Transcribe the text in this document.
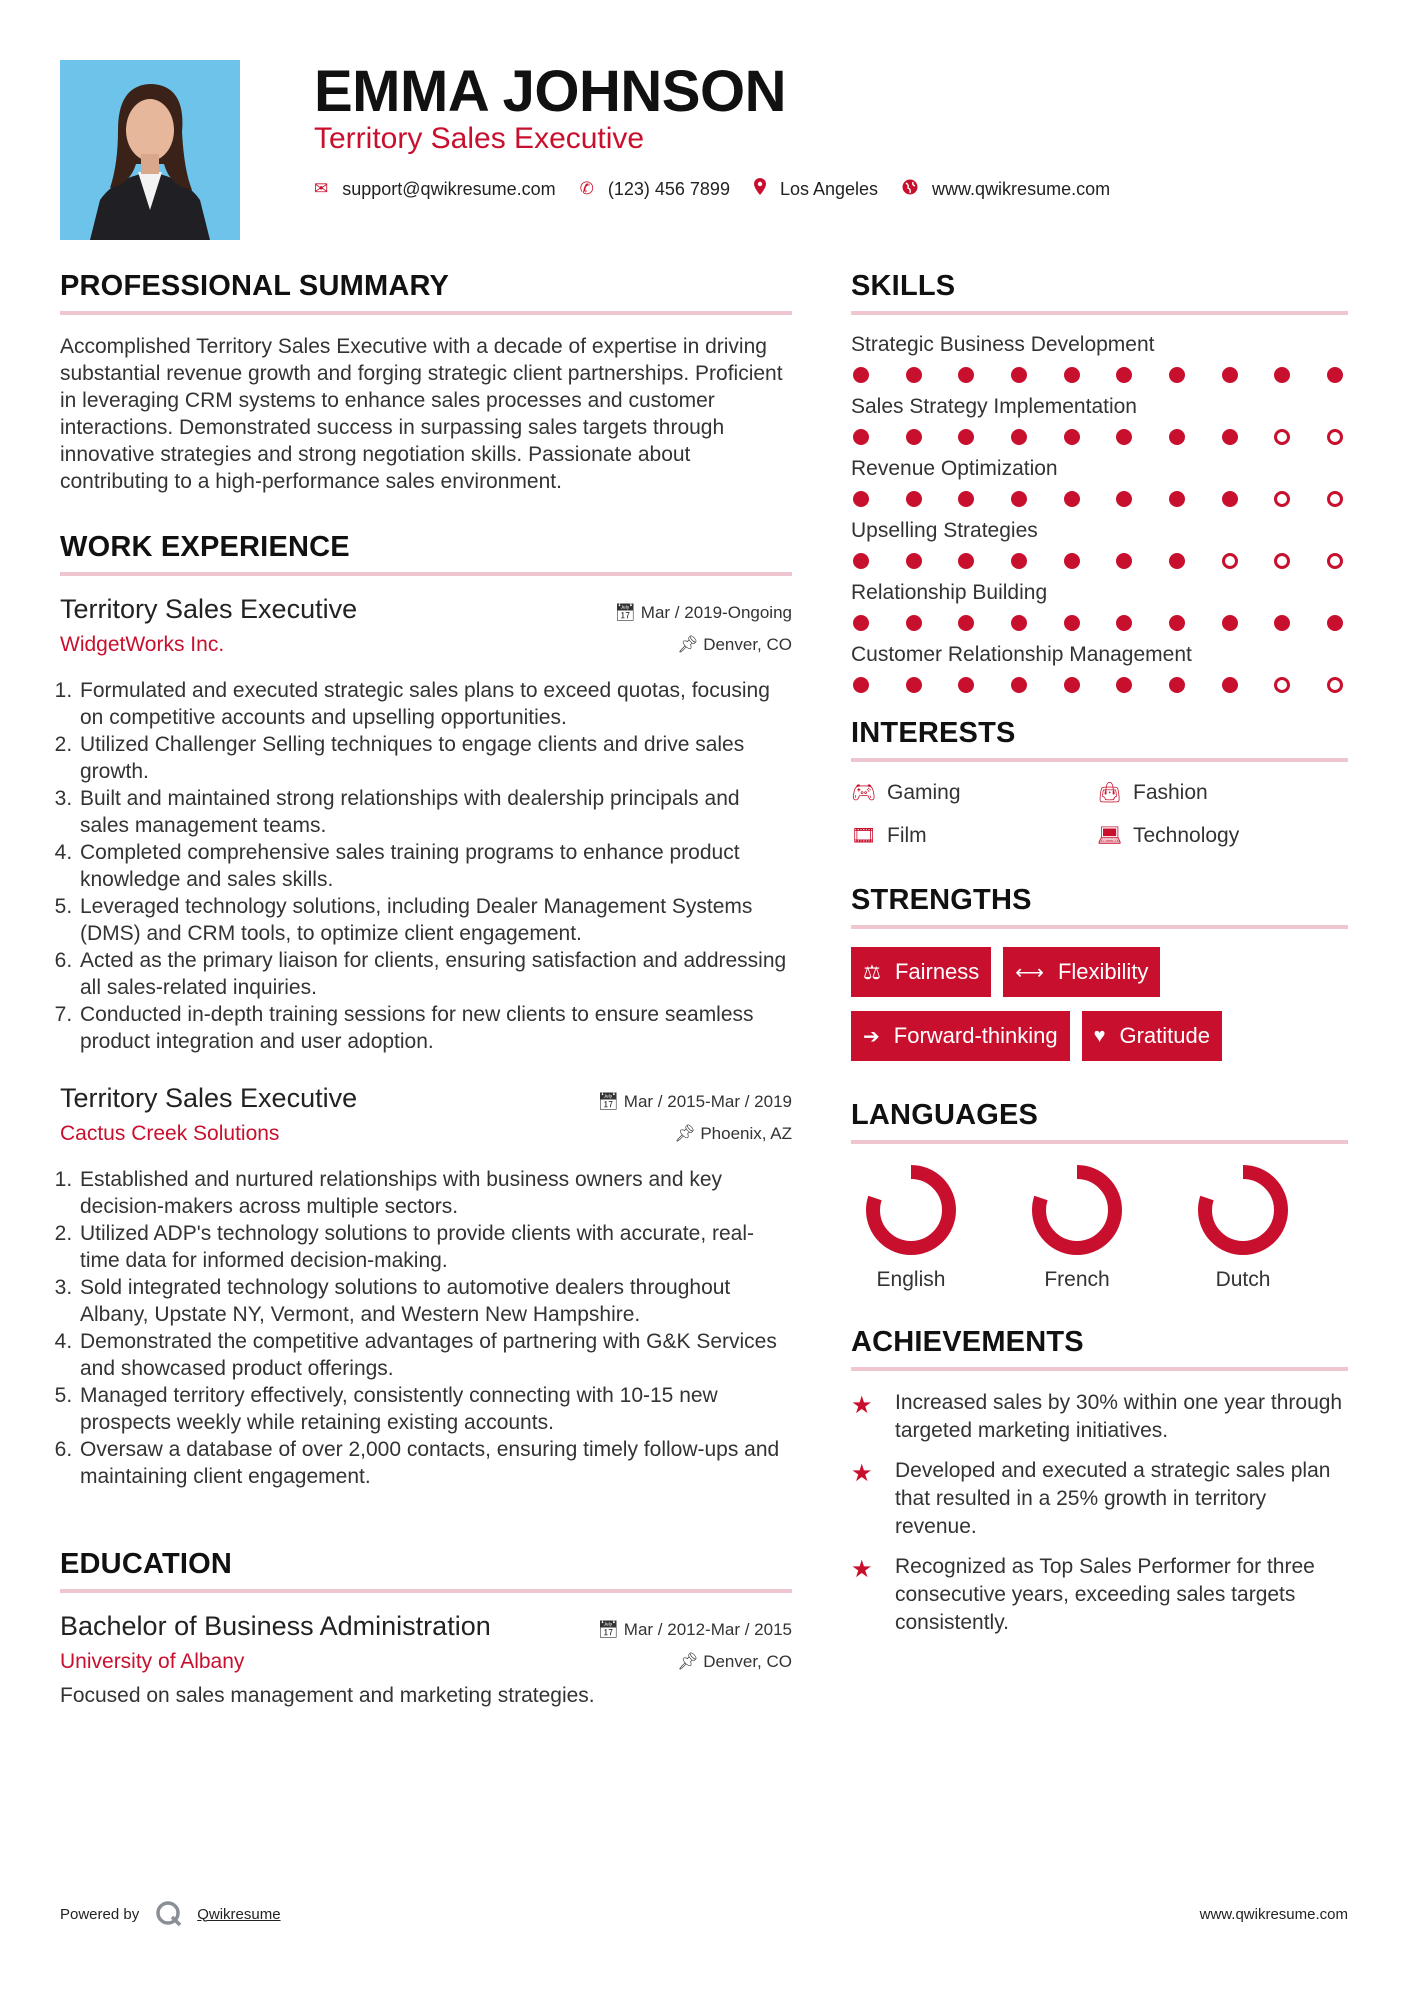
EMMA JOHNSON
Territory Sales Executive
✉ support@qwikresume.com ✆ (123) 456 7899	Los Angeles	www.qwikresume.com
PROFESSIONAL SUMMARY

Accomplished Territory Sales Executive with a decade of expertise in driving substantial revenue growth and forging strategic client partnerships. Proficient in leveraging CRM systems to enhance sales processes and customer interactions. Demonstrated success in surpassing sales targets through innovative strategies and strong negotiation skills. Passionate about contributing to a high-performance sales environment.

WORK EXPERIENCE
Territory Sales Executive	📅︎ Mar / 2019-Ongoing
WidgetWorks Inc.	📌︎ Denver, CO
1. Formulated and executed strategic sales plans to exceed quotas, focusing on competitive accounts and upselling opportunities.
2. Utilized Challenger Selling techniques to engage clients and drive sales growth.
3. Built and maintained strong relationships with dealership principals and sales management teams.
4. Completed comprehensive sales training programs to enhance product knowledge and sales skills.
5. Leveraged technology solutions, including Dealer Management Systems (DMS) and CRM tools, to optimize client engagement.
6. Acted as the primary liaison for clients, ensuring satisfaction and addressing all sales-related inquiries.
7. Conducted in-depth training sessions for new clients to ensure seamless product integration and user adoption.
Territory Sales Executive	📅︎ Mar / 2015-Mar / 2019
Cactus Creek Solutions	📌︎ Phoenix, AZ
1. Established and nurtured relationships with business owners and key decision-makers across multiple sectors.
2. Utilized ADP's technology solutions to provide clients with accurate, real-time data for informed decision-making.
3. Sold integrated technology solutions to automotive dealers throughout Albany, Upstate NY, Vermont, and Western New Hampshire.
4. Demonstrated the competitive advantages of partnering with G&K Services and showcased product offerings.
5. Managed territory effectively, consistently connecting with 10-15 new prospects weekly while retaining existing accounts.
6. Oversaw a database of over 2,000 contacts, ensuring timely follow-ups and maintaining client engagement.
EDUCATION
Bachelor of Business Administration	📅︎ Mar / 2012-Mar / 2015
University of Albany	📌︎ Denver, CO
Focused on sales management and marketing strategies.
SKILLS
Strategic Business Development
Sales Strategy Implementation
Revenue Optimization
Upselling Strategies
Relationship Building
Customer Relationship Management
INTERESTS
🎮︎ Gaming	👜︎ Fashion
🎞︎ Film	💻︎ Technology
STRENGTHS
⚖ Fairness ⟷ Flexibility
➔ Forward-thinking ♥ Gratitude
LANGUAGES
English	French	Dutch
ACHIEVEMENTS
★	Increased sales by 30% within one year through targeted marketing initiatives.
★	Developed and executed a strategic sales plan that resulted in a 25% growth in territory revenue.
★	Recognized as Top Sales Performer for three consecutive years, exceeding sales targets consistently.
Powered by	Qwikresume	www.qwikresume.com
